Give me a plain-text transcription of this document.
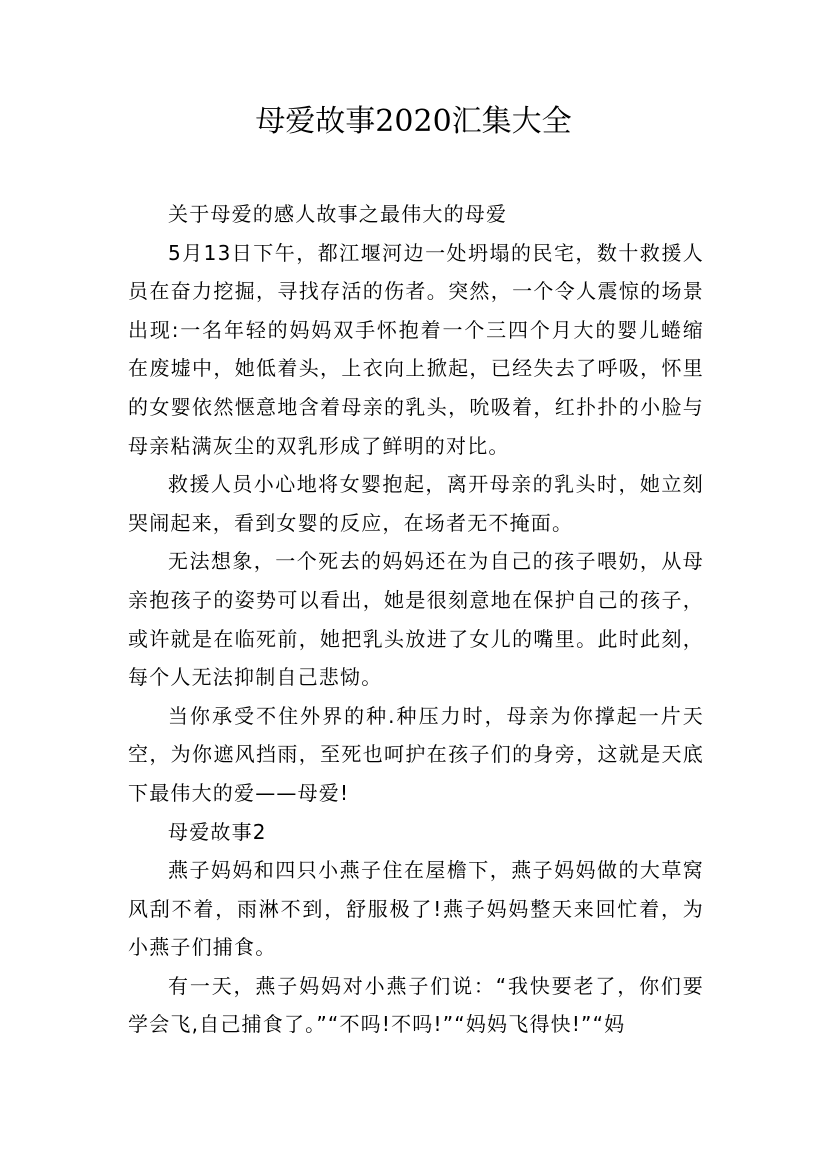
母爱故事2020汇集大全

关于母爱的感人故事之最伟大的母爱

5月13日下午，都江堰河边一处坍塌的民宅，数十救援人员在奋力挖掘，寻找存活的伤者。突然，一个令人震惊的场景出现:一名年轻的妈妈双手怀抱着一个三四个月大的婴儿蜷缩在废墟中，她低着头，上衣向上掀起，已经失去了呼吸，怀里的女婴依然惬意地含着母亲的乳头，吮吸着，红扑扑的小脸与母亲粘满灰尘的双乳形成了鲜明的对比。

救援人员小心地将女婴抱起，离开母亲的乳头时，她立刻哭闹起来，看到女婴的反应，在场者无不掩面。

无法想象，一个死去的妈妈还在为自己的孩子喂奶，从母亲抱孩子的姿势可以看出，她是很刻意地在保护自己的孩子，或许就是在临死前，她把乳头放进了女儿的嘴里。此时此刻，每个人无法抑制自己悲恸。

当你承受不住外界的种.种压力时，母亲为你撑起一片天空，为你遮风挡雨，至死也呵护在孩子们的身旁，这就是天底下最伟大的爱——母爱!

母爱故事2

燕子妈妈和四只小燕子住在屋檐下，燕子妈妈做的大草窝风刮不着，雨淋不到，舒服极了!燕子妈妈整天来回忙着，为小燕子们捕食。

有一天，燕子妈妈对小燕子们说：“我快要老了，你们要学会飞,自己捕食了。”“不吗!不吗!”“妈妈飞得快!”“妈
